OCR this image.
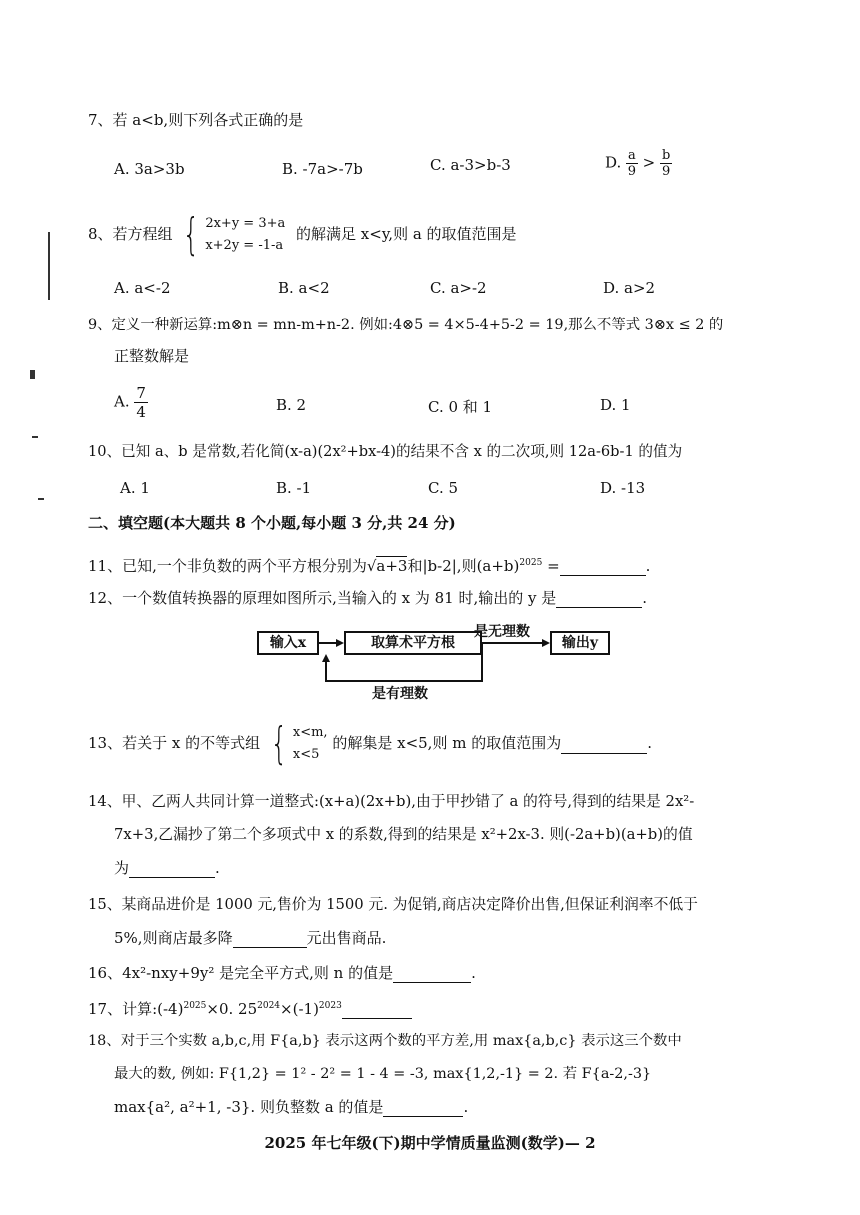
7、若 a<b,则下列各式正确的是
A. 3a>3b	B. -7a>-7b	C. a-3>b-3	D. $\frac{a}{9} > \frac{b}{9}$
8、若方程组 { 2x+y = 3+a
x+2y = -1-a
的解满足 x<y,则 a 的取值范围是
A. a<-2	B. a<2	C. a>-2	D. a>2
9、定义一种新运算:m⊗n = mn-m+n-2. 例如:4⊗5 = 4×5-4+5-2 = 19,那么不等式 3⊗x ≤ 2 的
正整数解是
A. $\frac{7}{4}$	B. 2	C. 0 和 1	D. 1
10、已知 a、b 是常数,若化简(x-a)(2x²+bx-4)的结果不含 x 的二次项,则 12a-6b-1 的值为
A. 1	B. -1	C. 5	D. -13
二、填空题(本大题共 8 个小题,每小题 3 分,共 24 分)
11、已知,一个非负数的两个平方根分别为√a+3和|b-2|,则$(a+b)^{2025}$ =	.
12、一个数值转换器的原理如图所示,当输入的 x 为 81 时,输出的 y 是	.
输入x	取算术平方根	输出y
是无理数
是有理数
13、若关于 x 的不等式组 { x<m,
x<5
的解集是 x<5,则 m 的取值范围为	.
14、甲、乙两人共同计算一道整式:(x+a)(2x+b),由于甲抄错了 a 的符号,得到的结果是 2x²-
7x+3,乙漏抄了第二个多项式中 x 的系数,得到的结果是 x²+2x-3. 则(-2a+b)(a+b)的值
为	.
15、某商品进价是 1000 元,售价为 1500 元. 为促销,商店决定降价出售,但保证利润率不低于
5%,则商店最多降	元出售商品.
16、4x²-nxy+9y² 是完全平方式,则 n 的值是	.
17、计算$:(-4)^{2025}\times 0$. $25^{2024}\times(-1)^{2023}$
18、对于三个实数 a,b,c,用 F{a,b} 表示这两个数的平方差,用 max{a,b,c} 表示这三个数中
最大的数, 例如: F{1,2} = 1² - 2² = 1 - 4 = -3, max{1,2,-1} = 2. 若 F{a-2,-3}
max{a², a²+1, -3}. 则负整数 a 的值是	.
2025 年七年级(下)期中学情质量监测(数学)— 2
